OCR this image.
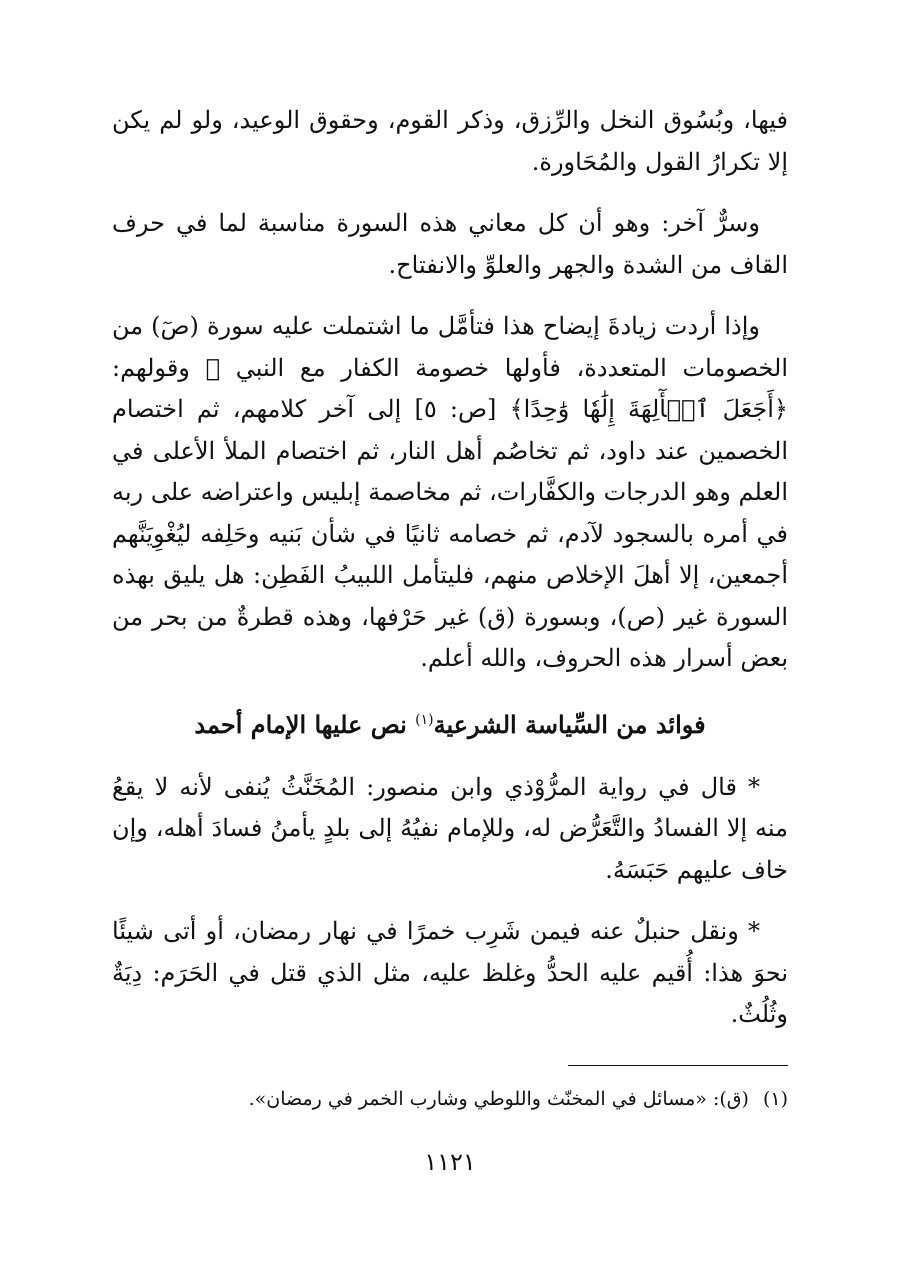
فيها، وبُسُوق النخل والرِّزق، وذكر القوم، وحقوق الوعيد، ولو لم يكن إلا تكرارُ القول والمُحَاورة.

وسرٌّ آخر: وهو أن كل معاني هذه السورة مناسبة لما في حرف القاف من الشدة والجهر والعلوِّ والانفتاح.

وإذا أردت زيادةَ إيضاح هذا فتأمَّل ما اشتملت عليه سورة (صٓ) من الخصومات المتعددة، فأولها خصومة الكفار مع النبي ﷺ وقولهم: ﴿أَجَعَلَ ٱلۡأٓلِهَةَ إِلَٰهٗا وَٰحِدًا﴾ [ص: ٥] إلى آخر كلامهم، ثم اختصام الخصمين عند داود، ثم تخاصُم أهل النار، ثم اختصام الملأ الأعلى في العلم وهو الدرجات والكفَّارات، ثم مخاصمة إبليس واعتراضه على ربه في أمره بالسجود لآدم، ثم خصامه ثانيًا في شأن بَنيه وحَلِفه ليُغْوِيَنَّهم أجمعين، إلا أهلَ الإخلاص منهم، فليتأمل اللبيبُ الفَطِن: هل يليق بهذه السورة غير (ص)، وبسورة (ق) غير حَرْفها، وهذه قطرةٌ من بحر من بعض أسرار هذه الحروف، والله أعلم.

فوائد من السِّياسة الشرعية$^{(١)}$ نص عليها الإمام أحمد

* قال في رواية المرُّوْذي وابن منصور: المُخَنَّثُ يُنفى لأنه لا يقعُ منه إلا الفسادُ والتَّعَرُّض له، وللإمام نفيُهُ إلى بلدٍ يأمنُ فسادَ أهله، وإن خاف عليهم حَبَسَهُ.

* ونقل حنبلٌ عنه فيمن شَرِب خمرًا في نهار رمضان، أو أتى شيئًا نحوَ هذا: أُقيم عليه الحدُّ وغلظ عليه، مثل الذي قتل في الحَرَم: دِيَةٌ وثُلُثٌ.

(١)(ق): «مسائل في المخنّث واللوطي وشارب الخمر في رمضان».
١١٢١
